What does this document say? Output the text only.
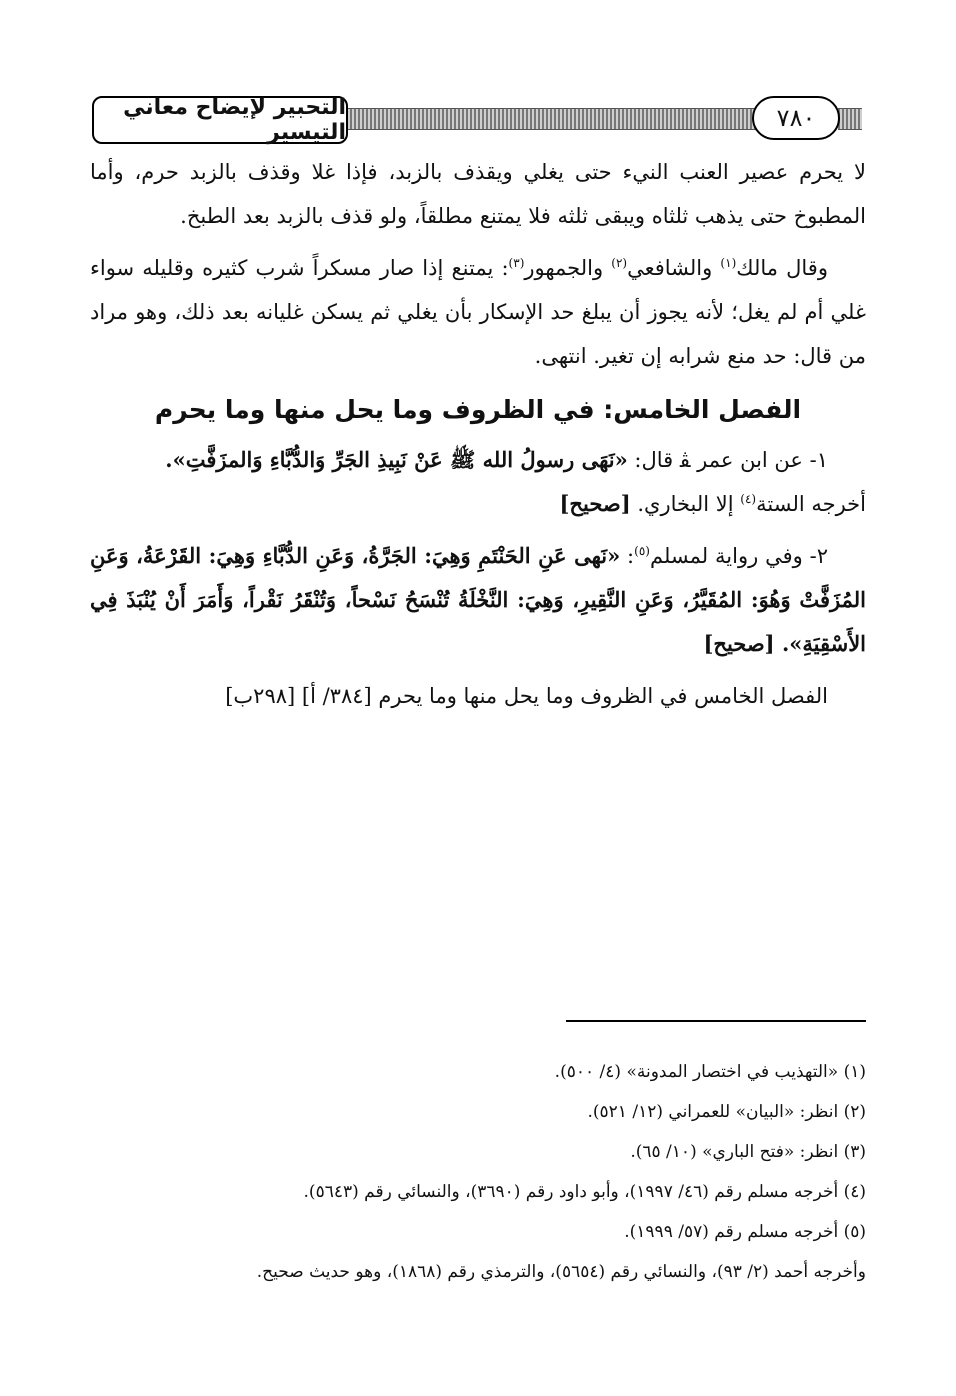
التحبير لإيضاح معاني التيسير
٧٨٠

لا يحرم عصير العنب النيء حتى يغلي ويقذف بالزبد، فإذا غلا وقذف بالزبد حرم، وأما المطبوخ حتى يذهب ثلثاه ويبقى ثلثه فلا يمتنع مطلقاً، ولو قذف بالزبد بعد الطبخ.

وقال مالك$^{(١)}$ والشافعي$^{(٢)}$ والجمهور$^{(٣)}$: يمتنع إذا صار مسكراً شرب كثيره وقليله سواء غلي أم لم يغل؛ لأنه يجوز أن يبلغ حد الإسكار بأن يغلي ثم يسكن غليانه بعد ذلك، وهو مراد من قال: حد منع شرابه إن تغير. انتهى.

الفصل الخامس: في الظروف وما يحل منها وما يحرم

١- عن ابن عمر ﭭ قال: «نَهَى رسولُ الله ﷺ عَنْ نَبِيذِ الجَرِّ وَالدُّبَّاءِ وَالمزَفَّتِ».

أخرجه الستة$^{(٤)}$ إلا البخاري. [صحيح]

٢- وفي رواية لمسلم$^{(٥)}$: «نَهى عَنِ الحَنْتَمِ وَهِيَ: الجَرَّةُ، وَعَنِ الدُّبَّاءِ وَهِيَ: القَرْعَةُ، وَعَنِ المُزَفَّتْ وَهُوَ: المُقَيَّرُ، وَعَنِ النَّقِيرِ، وَهِيَ: النَّخْلَةُ تُنْسَحُ نَسْحاً، وَتُنْقَرُ نَقْراً، وَأَمَرَ أَنْ يُنْبَذَ فِي الأَسْقِيَةِ». [صحيح]

الفصل الخامس في الظروف وما يحل منها وما يحرم [٣٨٤/ أ] [٢٩٨ب]

(١) «التهذيب في اختصار المدونة» (٤/ ٥٠٠).

(٢) انظر: «البيان» للعمراني (١٢/ ٥٢١).

(٣) انظر: «فتح الباري» (١٠/ ٦٥).

(٤) أخرجه مسلم رقم (٤٦/ ١٩٩٧)، وأبو داود رقم (٣٦٩٠)، والنسائي رقم (٥٦٤٣).

(٥) أخرجه مسلم رقم (٥٧/ ١٩٩٩).

وأخرجه أحمد (٢/ ٩٣)، والنسائي رقم (٥٦٥٤)، والترمذي رقم (١٨٦٨)، وهو حديث صحيح.
